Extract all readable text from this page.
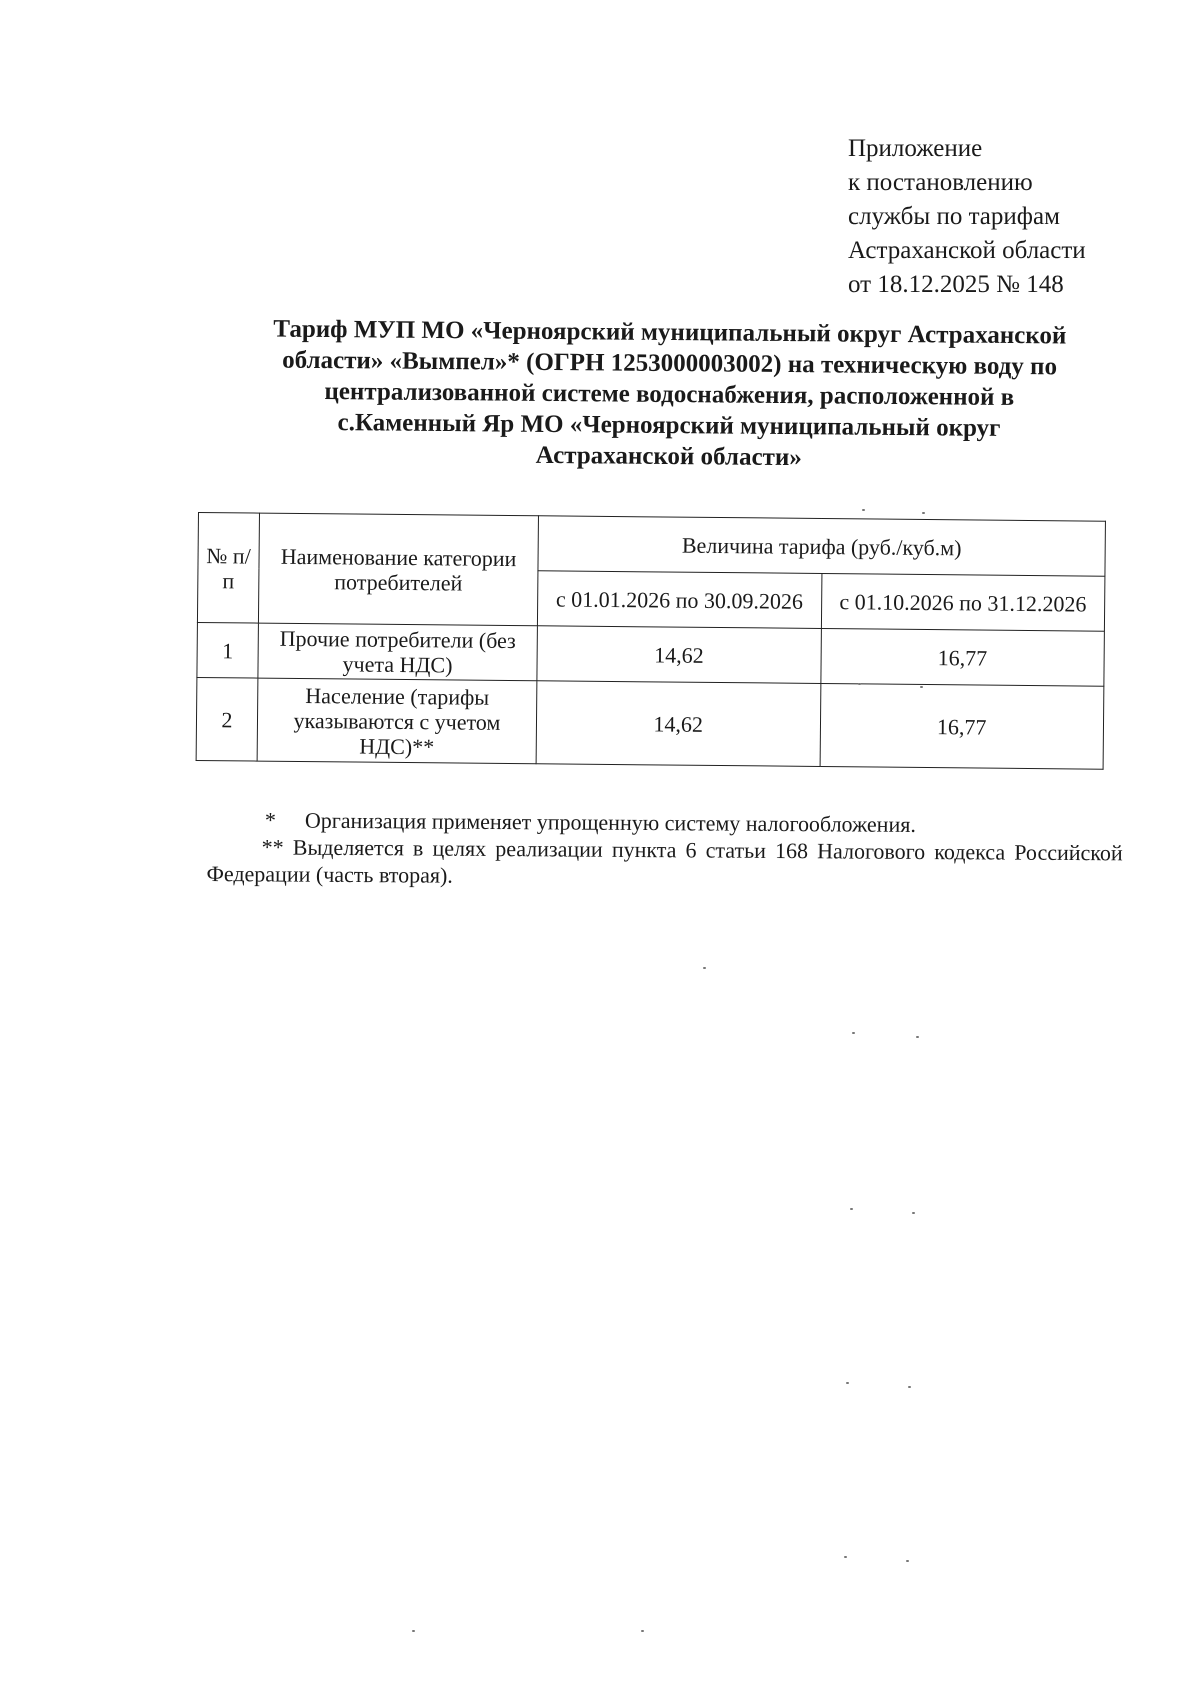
Приложение
к постановлению
службы по тарифам
Астраханской области
от 18.12.2025 № 148
Тариф МУП МО «Черноярский муниципальный округ Астраханской
области» «Вымпел»* (ОГРН 1253000003002) на техническую воду по
централизованной системе водоснабжения, расположенной в
с.Каменный Яр МО «Черноярский муниципальный округ
Астраханской области»
№ п/п	Наименование категории потребителей	Величина тарифа (руб./куб.м)	
		с 01.01.2026 по 30.09.2026	с 01.10.2026 по 31.12.2026
1	Прочие потребители (без учета НДС)	14,62	16,77
2	Население (тарифы указываются с учетом НДС)**	14,62	16,77
* Организация применяет упрощенную систему налогообложения.
** Выделяется в целях реализации пункта 6 статьи 168 Налогового кодекса Российской Федерации (часть вторая).
